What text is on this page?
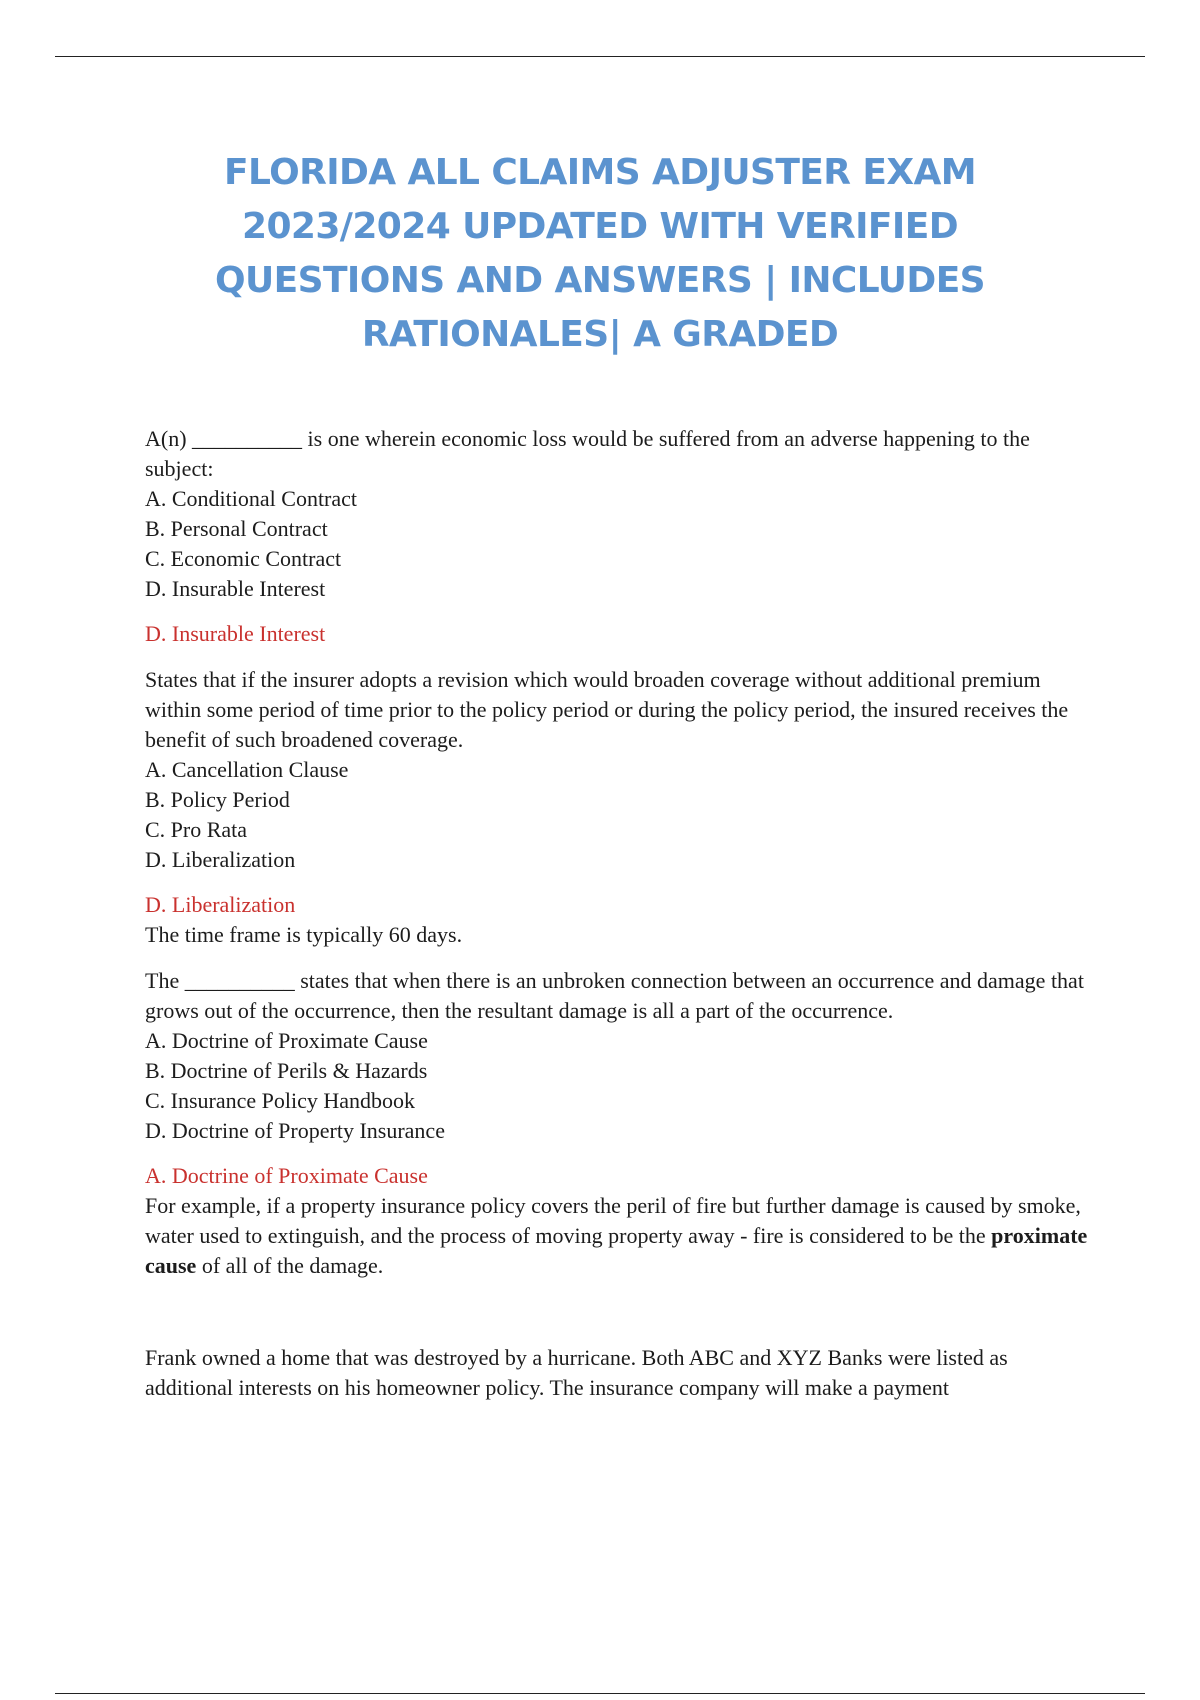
FLORIDA ALL CLAIMS ADJUSTER EXAM
2023/2024 UPDATED WITH VERIFIED
QUESTIONS AND ANSWERS | INCLUDES
RATIONALES| A GRADED

A(n) __________ is one wherein economic loss would be suffered from an adverse happening to the subject:

A. Conditional Contract

B. Personal Contract

C. Economic Contract

D. Insurable Interest

D. Insurable Interest

States that if the insurer adopts a revision which would broaden coverage without additional premium within some period of time prior to the policy period or during the policy period, the insured receives the benefit of such broadened coverage.

A. Cancellation Clause

B. Policy Period

C. Pro Rata

D. Liberalization

D. Liberalization

The time frame is typically 60 days.

The __________ states that when there is an unbroken connection between an occurrence and damage that grows out of the occurrence, then the resultant damage is all a part of the occurrence.

A. Doctrine of Proximate Cause

B. Doctrine of Perils & Hazards

C. Insurance Policy Handbook

D. Doctrine of Property Insurance

A. Doctrine of Proximate Cause

For example, if a property insurance policy covers the peril of fire but further damage is caused by smoke, water used to extinguish, and the process of moving property away - fire is considered to be the proximate cause of all of the damage.

Frank owned a home that was destroyed by a hurricane. Both ABC and XYZ Banks were listed as additional interests on his homeowner policy. The insurance company will make a payment
